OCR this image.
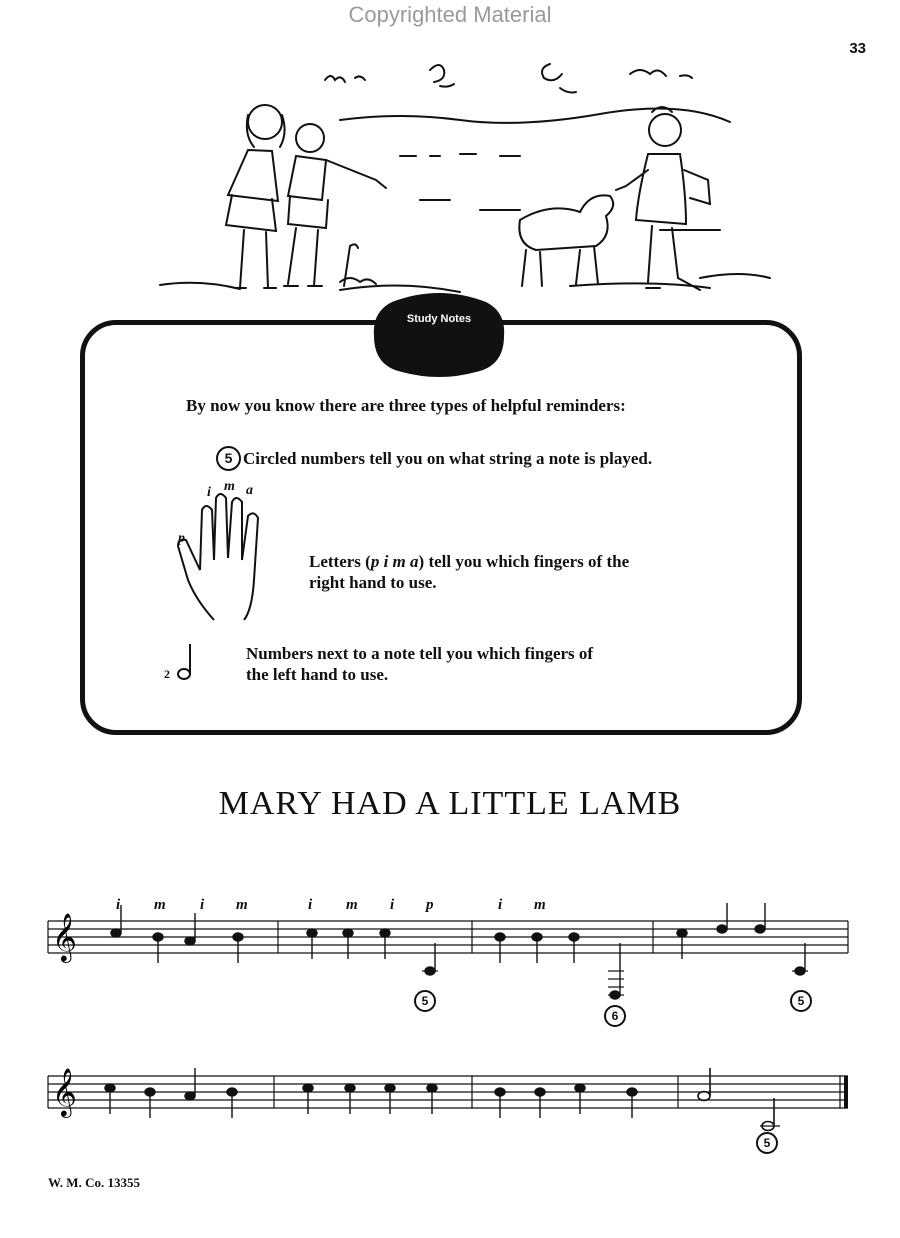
Copyrighted Material
33
Study Notes
By now you know there are three types of helpful reminders:
5 Circled numbers tell you on what string a note is played.
p
i m a
Letters (p i m a) tell you which fingers of the
right hand to use.
2
Numbers next to a note tell you which fingers of
the left hand to use.
MARY HAD A LITTLE LAMB
𝄞
i m i m	i m i p	i m
5
6
5
𝄞
5
W. M. Co. 13355
